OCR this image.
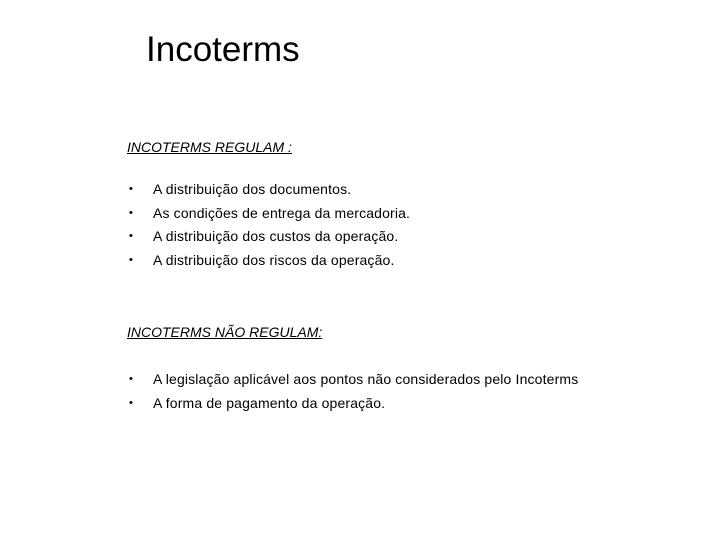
Incoterms

INCOTERMS REGULAM :

•	A distribuição dos documentos.
•	As condições de entrega da mercadoria.
•	A distribuição dos custos da operação.
•	A distribuição dos riscos da operação.

INCOTERMS NÃO REGULAM:

•	A legislação aplicável aos pontos não considerados pelo Incoterms
•	A forma de pagamento da operação.
